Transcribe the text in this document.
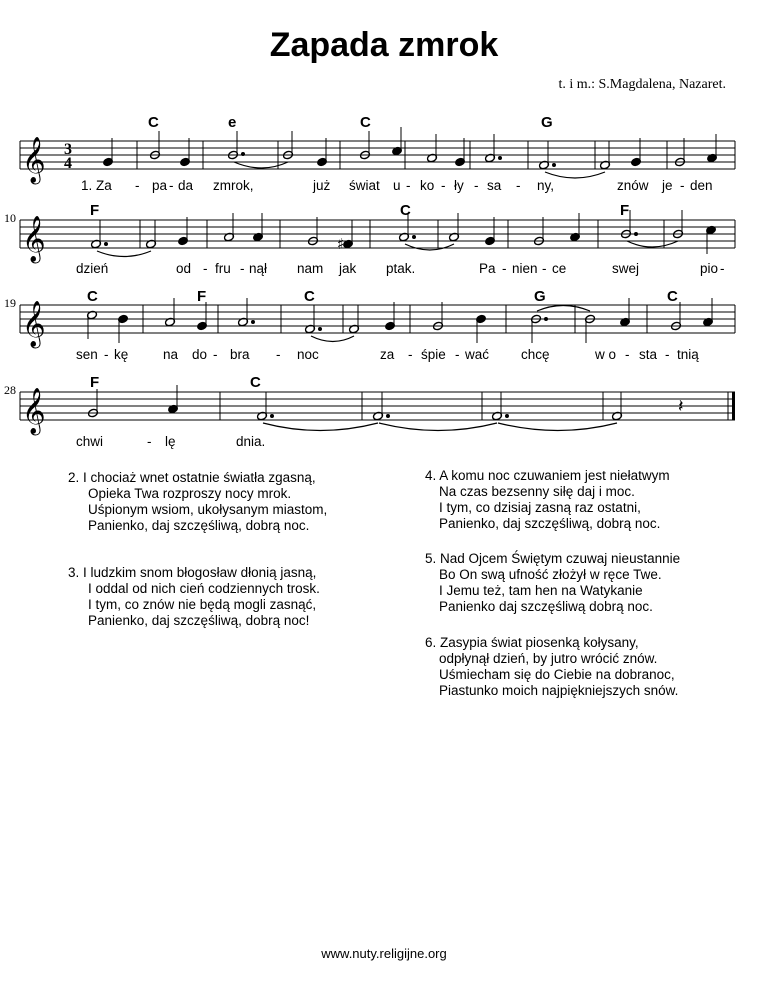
Zapada zmrok
t. i m.: S.Magdalena, Nazaret.
𝄞 3
4
C	e	C	G
1. Za - pa - da zmrok,	już świat u - ko - ły - sa - ny,	znów je - den
𝄞	♯
10	F	C	F
dzień	od - fru - nął nam jak ptak.	Pa - nien - ce	swej	pio -
𝄞
19	C	F	C	G	C
sen - kę	na do - bra - noc	za - śpie - wać chcę	w o - sta - tnią
𝄞	𝄽
28	F	C
chwi	- lę	dnia.
2. I chociaż wnet ostatnie światła zgasną,
Opieka Twa rozproszy nocy mrok.
Uśpionym wsiom, ukołysanym miastom,
Panienko, daj szczęśliwą, dobrą noc.
3. I ludzkim snom błogosław dłonią jasną,
I oddal od nich cień codziennych trosk.
I tym, co znów nie będą mogli zasnąć,
Panienko, daj szczęśliwą, dobrą noc!
4. A komu noc czuwaniem jest niełatwym
Na czas bezsenny siłę daj i moc.
I tym, co dzisiaj zasną raz ostatni,
Panienko, daj szczęśliwą, dobrą noc.
5. Nad Ojcem Świętym czuwaj nieustannie
Bo On swą ufność złożył w ręce Twe.
I Jemu też, tam hen na Watykanie
Panienko daj szczęśliwą dobrą noc.
6. Zasypia świat piosenką kołysany,
odpłynął dzień, by jutro wrócić znów.
Uśmiecham się do Ciebie na dobranoc,
Piastunko moich najpiękniejszych snów.
www.nuty.religijne.org
